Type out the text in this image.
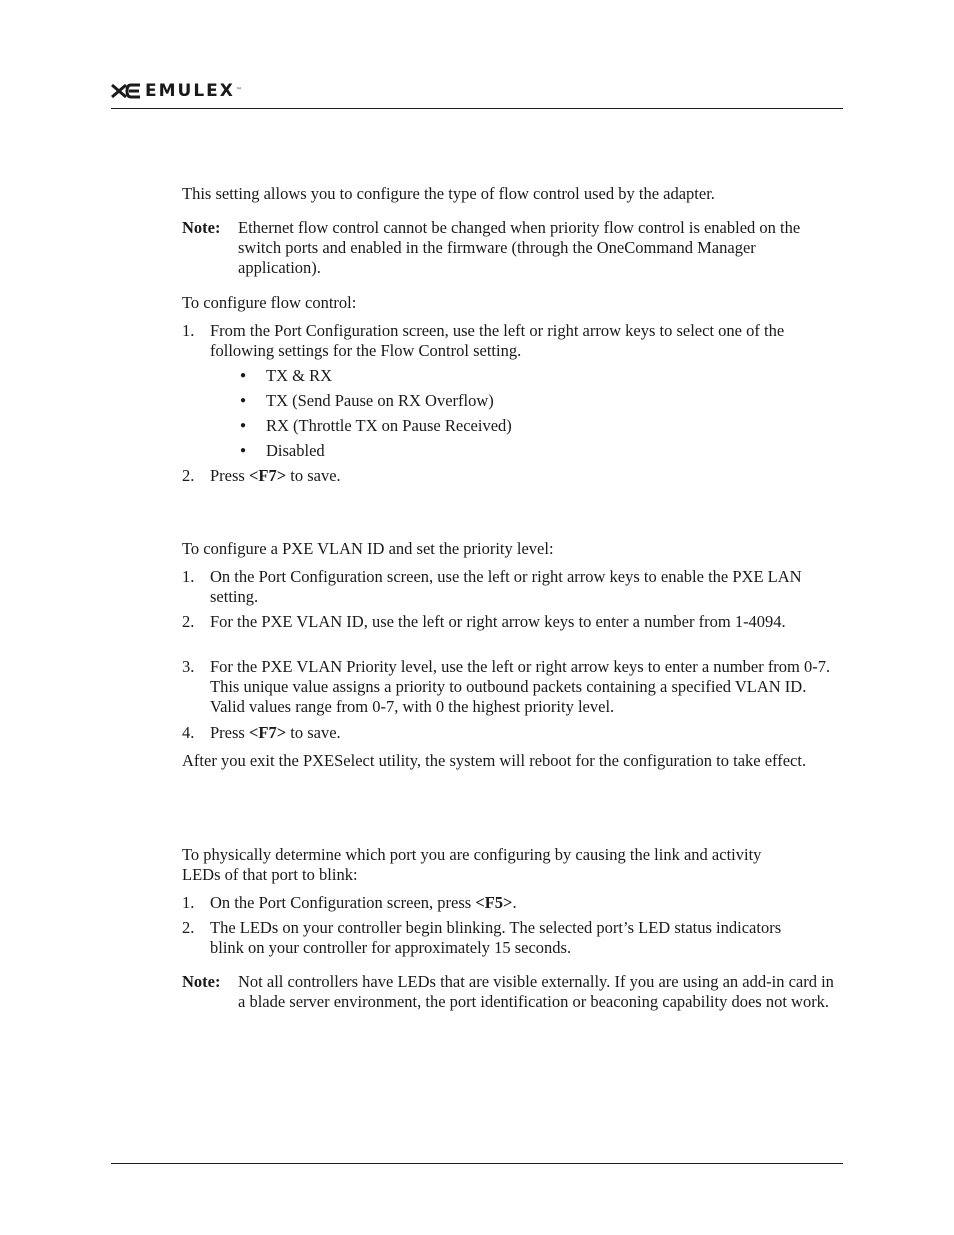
EMULEX ™

This setting allows you to configure the type of flow control used by the adapter.

Note: Ethernet flow control cannot be changed when priority flow control is enabled on the switch ports and enabled in the firmware (through the OneCommand Manager application).

To configure flow control:

1. From the Port Configuration screen, use the left or right arrow keys to select one of the following settings for the Flow Control setting.

● TX & RX
● TX (Send Pause on RX Overflow)
● RX (Throttle TX on Pause Received)
● Disabled
2. Press <F7> to save.

To configure a PXE VLAN ID and set the priority level:

1. On the Port Configuration screen, use the left or right arrow keys to enable the PXE LAN setting.

2. For the PXE VLAN ID, use the left or right arrow keys to enter a number from 1-4094.

3. For the PXE VLAN Priority level, use the left or right arrow keys to enter a number from 0-7. This unique value assigns a priority to outbound packets containing a specified VLAN ID. Valid values range from 0-7, with 0 the highest priority level.

4. Press <F7> to save.

After you exit the PXESelect utility, the system will reboot for the configuration to take effect.

To physically determine which port you are configuring by causing the link and activity LEDs of that port to blink:

1. On the Port Configuration screen, press <F5>.

2. The LEDs on your controller begin blinking. The selected port’s LED status indicators blink on your controller for approximately 15 seconds.

Note: Not all controllers have LEDs that are visible externally. If you are using an add-in card in a blade server environment, the port identification or beaconing capability does not work.
